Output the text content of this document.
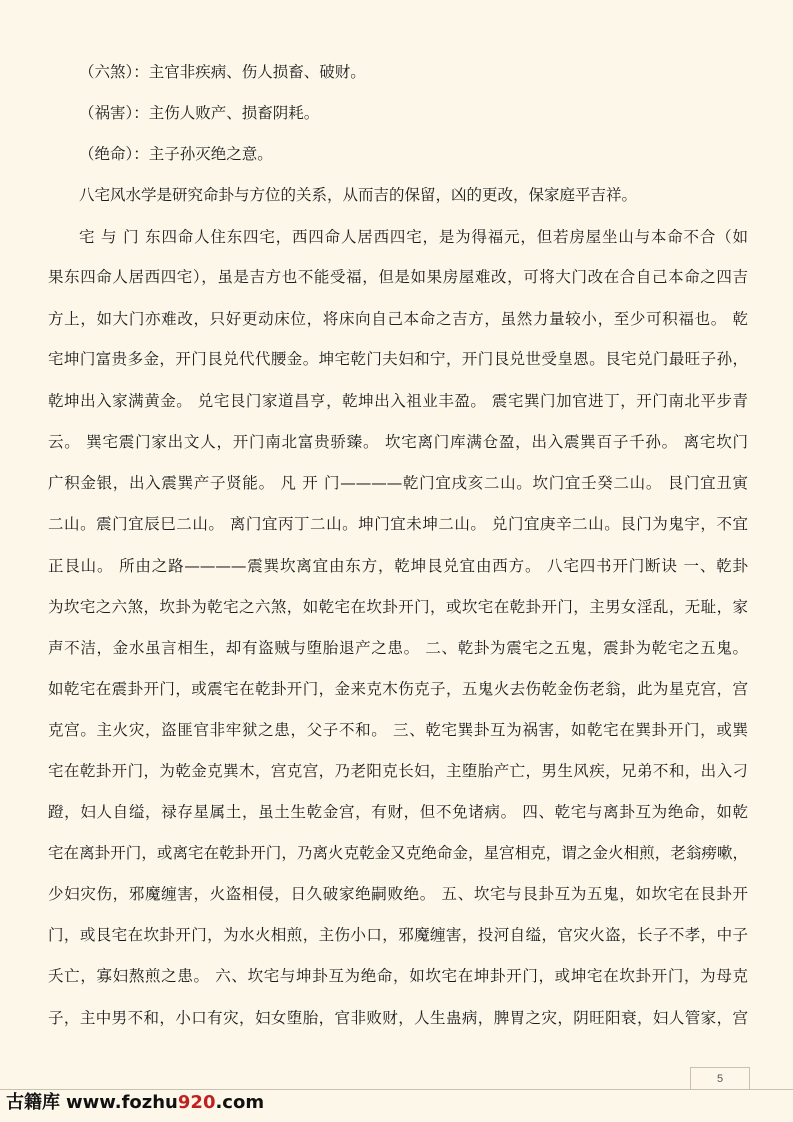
（六煞）：主官非疾病、伤人损畜、破财。
（祸害）：主伤人败产、损畜阴耗。
（绝命）：主子孙灭绝之意。
八宅风水学是研究命卦与方位的关系，从而吉的保留，凶的更改，保家庭平吉祥。
宅 与 门 东四命人住东四宅，西四命人居西四宅，是为得福元，但若房屋坐山与本命不合（如
果东四命人居西四宅），虽是吉方也不能受福，但是如果房屋难改，可将大门改在合自己本命之四吉
方上，如大门亦难改，只好更动床位，将床向自己本命之吉方，虽然力量较小，至少可积福也。 乾
宅坤门富贵多金，开门艮兑代代腰金。坤宅乾门夫妇和宁，开门艮兑世受皇恩。艮宅兑门最旺子孙，
乾坤出入家满黄金。 兑宅艮门家道昌亨，乾坤出入祖业丰盈。 震宅巽门加官进丁，开门南北平步青
云。 巽宅震门家出文人，开门南北富贵骄臻。 坎宅离门库满仓盈，出入震巽百子千孙。 离宅坎门
广积金银，出入震巽产子贤能。 凡 开 门————乾门宜戌亥二山。坎门宜壬癸二山。 艮门宜丑寅
二山。震门宜辰巳二山。 离门宜丙丁二山。坤门宜未坤二山。 兑门宜庚辛二山。艮门为鬼宇，不宜
正艮山。 所由之路————震巽坎离宜由东方，乾坤艮兑宜由西方。 八宅四书开门断诀 一、乾卦
为坎宅之六煞，坎卦为乾宅之六煞，如乾宅在坎卦开门，或坎宅在乾卦开门，主男女淫乱，无耻，家
声不洁，金水虽言相生，却有盗贼与堕胎退产之患。 二、乾卦为震宅之五鬼，震卦为乾宅之五鬼。
如乾宅在震卦开门，或震宅在乾卦开门，金来克木伤克子，五鬼火去伤乾金伤老翁，此为星克宫，宫
克宫。主火灾，盗匪官非牢狱之患，父子不和。 三、乾宅巽卦互为祸害，如乾宅在巽卦开门，或巽
宅在乾卦开门，为乾金克巽木，宫克宫，乃老阳克长妇，主堕胎产亡，男生风疾，兄弟不和，出入刁
蹬，妇人自缢，禄存星属土，虽土生乾金宫，有财，但不免诸病。 四、乾宅与离卦互为绝命，如乾
宅在离卦开门，或离宅在乾卦开门，乃离火克乾金又克绝命金，星宫相克，谓之金火相煎，老翁痨嗽，
少妇灾伤，邪魔缠害，火盗相侵，日久破家绝嗣败绝。 五、坎宅与艮卦互为五鬼，如坎宅在艮卦开
门，或艮宅在坎卦开门，为水火相煎，主伤小口，邪魔缠害，投河自缢，官灾火盗，长子不孝，中子
夭亡，寡妇熬煎之患。 六、坎宅与坤卦互为绝命，如坎宅在坤卦开门，或坤宅在坎卦开门，为母克
子，主中男不和，小口有灾，妇女堕胎，官非败财，人生蛊病，脾胃之灾，阴旺阳衰，妇人管家，宫
5
古籍库 www.fozhu920.com
